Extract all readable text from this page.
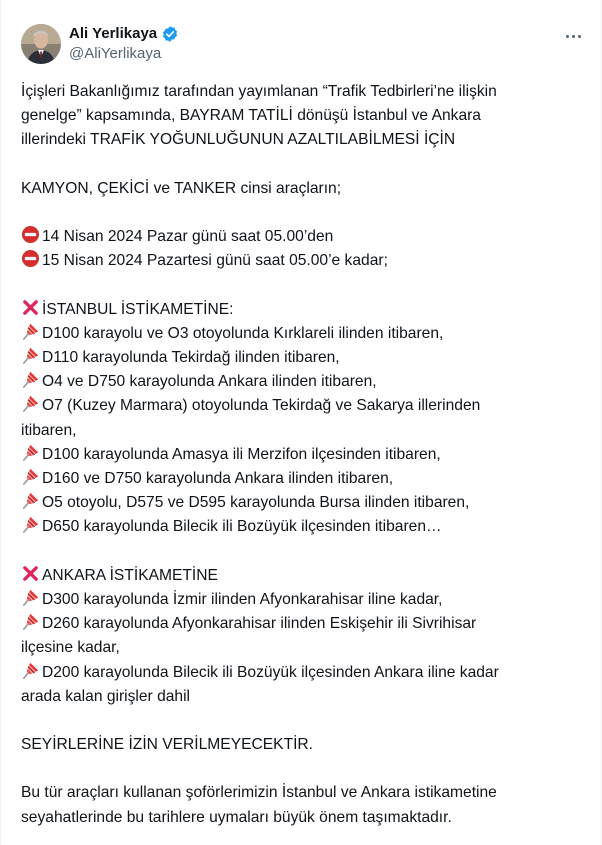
Ali Yerlikaya
@AliYerlikaya
İçişleri Bakanlığımız tarafından yayımlanan “Trafik Tedbirleri’ne ilişkin
genelge” kapsamında, BAYRAM TATİLİ dönüşü İstanbul ve Ankara
illerindeki TRAFİK YOĞUNLUĞUNUN AZALTILABİLMESİ İÇİN
KAMYON, ÇEKİCİ ve TANKER cinsi araçların;
14 Nisan 2024 Pazar günü saat 05.00’den
15 Nisan 2024 Pazartesi günü saat 05.00’e kadar;
İSTANBUL İSTİKAMETİNE:
D100 karayolu ve O3 otoyolunda Kırklareli ilinden itibaren,
D110 karayolunda Tekirdağ ilinden itibaren,
O4 ve D750 karayolunda Ankara ilinden itibaren,
O7 (Kuzey Marmara) otoyolunda Tekirdağ ve Sakarya illerinden
itibaren,
D100 karayolunda Amasya ili Merzifon ilçesinden itibaren,
D160 ve D750 karayolunda Ankara ilinden itibaren,
O5 otoyolu, D575 ve D595 karayolunda Bursa ilinden itibaren,
D650 karayolunda Bilecik ili Bozüyük ilçesinden itibaren…
ANKARA İSTİKAMETİNE
D300 karayolunda İzmir ilinden Afyonkarahisar iline kadar,
D260 karayolunda Afyonkarahisar ilinden Eskişehir ili Sivrihisar
ilçesine kadar,
D200 karayolunda Bilecik ili Bozüyük ilçesinden Ankara iline kadar
arada kalan girişler dahil
SEYİRLERİNE İZİN VERİLMEYECEKTİR.
Bu tür araçları kullanan şoförlerimizin İstanbul ve Ankara istikametine
seyahatlerinde bu tarihlere uymaları büyük önem taşımaktadır.
